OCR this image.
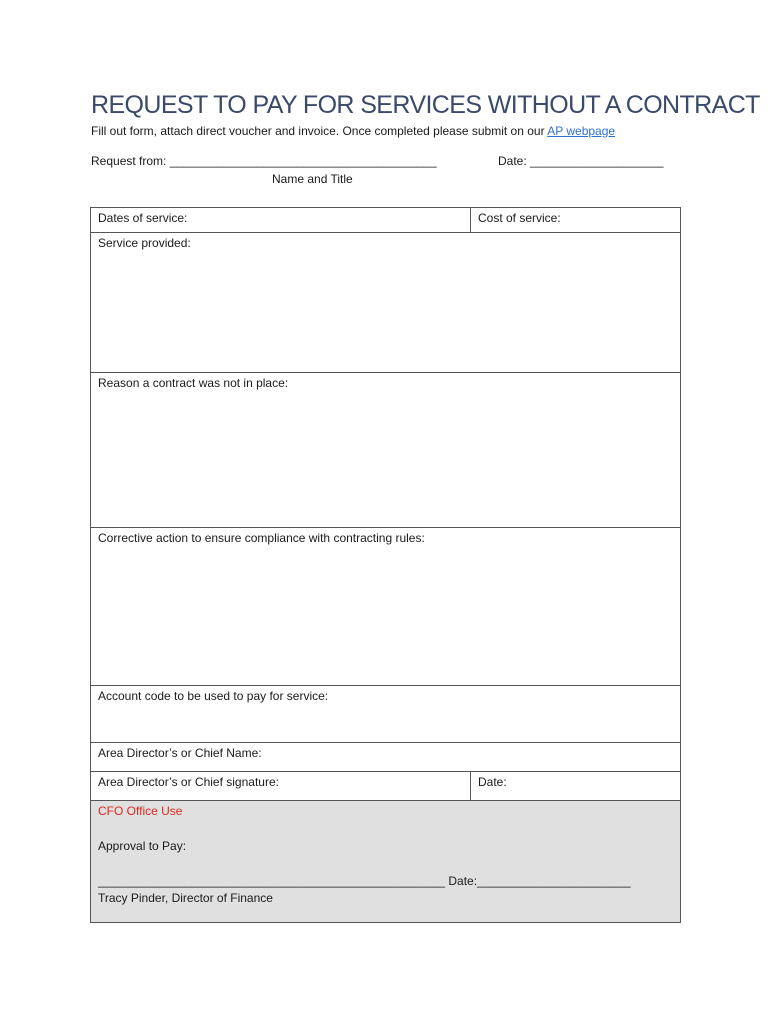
REQUEST TO PAY FOR SERVICES WITHOUT A CONTRACT
Fill out form, attach direct voucher and invoice. Once completed please submit on our AP webpage
Request from: ________________________________________	Date: ____________________
Name and Title
Dates of service:	Cost of service:
Service provided:	
Reason a contract was not in place:	
Corrective action to ensure compliance with contracting rules:	
Account code to be used to pay for service:	
Area Director’s or Chief Name:	
Area Director’s or Chief signature:	Date:

CFO Office Use
Approval to Pay:
____________________________________________________ Date:_______________________
Tracy Pinder, Director of Finance	
